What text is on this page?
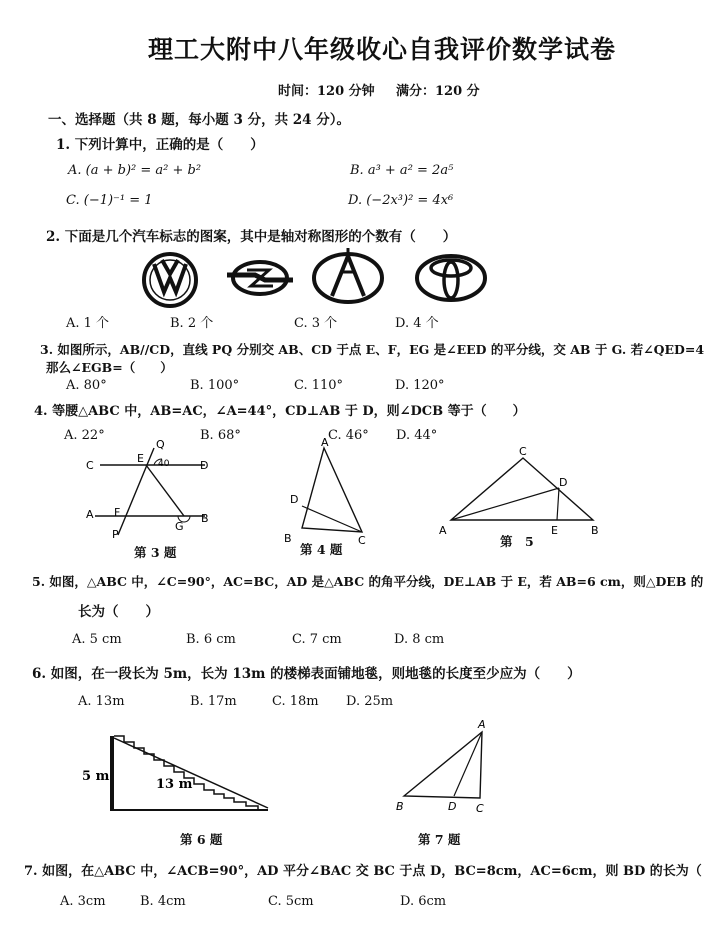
理工大附中八年级收心自我评价数学试卷
时间：120 分钟 满分：120 分
一、选择题（共 8 题，每小题 3 分，共 24 分）。
1. 下列计算中，正确的是（　　）
A. (a + b)² = a² + b²	B. a³ + a² = 2a⁵
C. (−1)⁻¹ = 1	D. (−2x³)² = 4x⁶
2. 下面是几个汽车标志的图案，其中是轴对称图形的个数有（　　）
A. 1 个	B. 2 个	C. 3 个	D. 4 个
3. 如图所示，AB//CD，直线 PQ 分别交 AB、CD 于点 E、F，EG 是∠EED 的平分线，交 AB 于 G. 若∠QED=4
那么∠EGB=（　　）
A. 80°	B. 100°	C. 110°	D. 120°
4. 等腰△ABC 中，AB=AC，∠A=44°，CD⊥AB 于 D，则∠DCB 等于（　　）
A. 22°	B. 68°	C. 46° D. 44°
C
E
Q
40	D
A F
G
B
P
第 3 题
A
D
B	C
第 4 题
C
D
A	E	B
第　5
5. 如图，△ABC 中，∠C=90°，AC=BC，AD 是△ABC 的角平分线，DE⊥AB 于 E，若 AB=6 cm，则△DEB 的
长为（　　）
A. 5 cm	B. 6 cm	C. 7 cm	D. 8 cm
6. 如图，在一段长为 5m，长为 13m 的楼梯表面铺地毯，则地毯的长度至少应为（　　）
A. 13m	B. 17m	C. 18m D. 25m
5 m
13 m
第 6 题
A
B	D C
第 7 题
7. 如图，在△ABC 中，∠ACB=90°，AD 平分∠BAC 交 BC 于点 D，BC=8cm，AC=6cm，则 BD 的长为（
A. 3cm	B. 4cm	C. 5cm	D. 6cm
